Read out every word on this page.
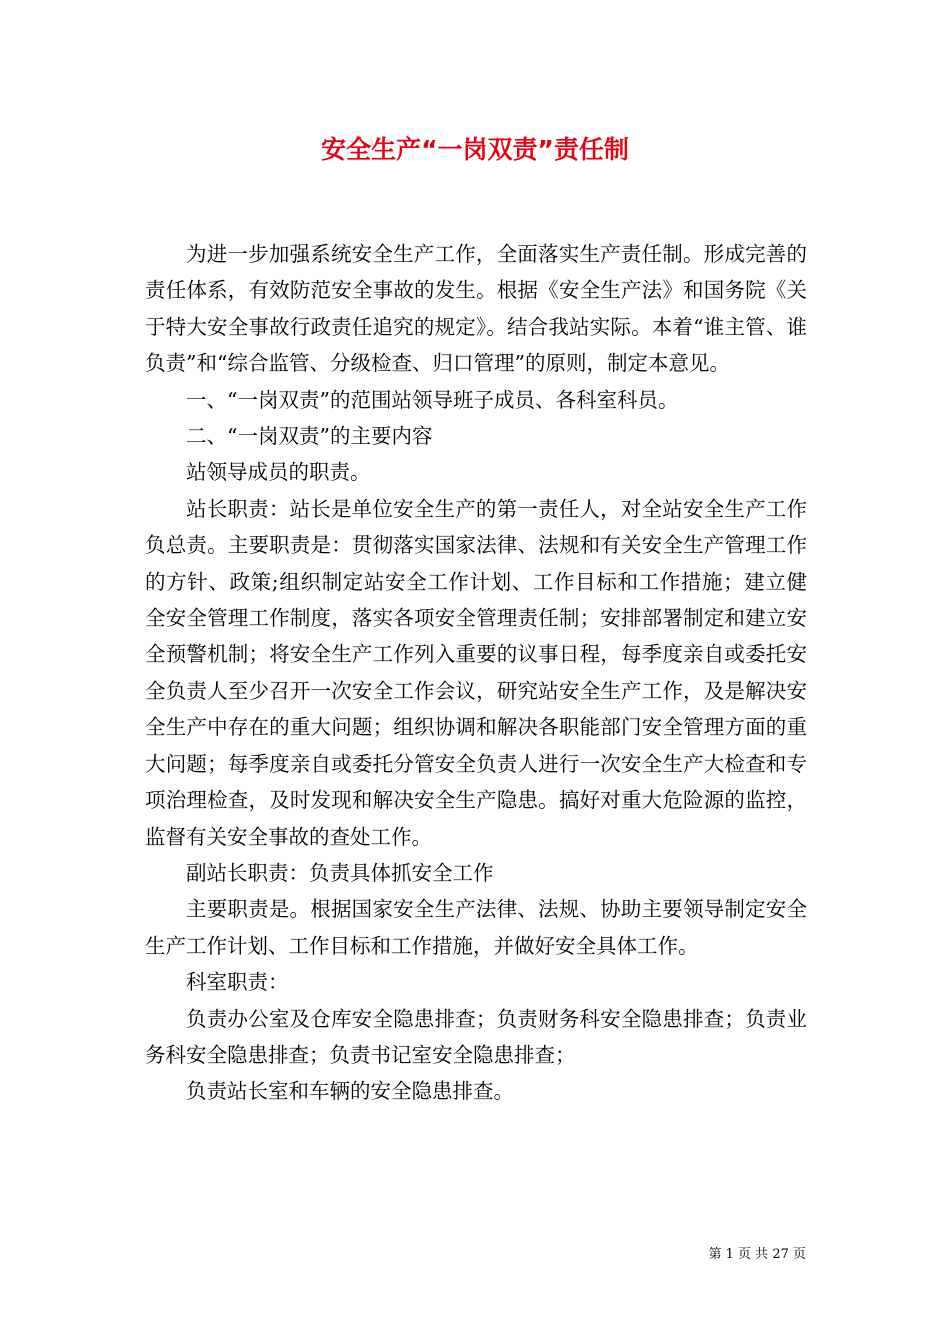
安全生产“一岗双责”责任制

为进一步加强系统安全生产工作，全面落实生产责任制。形成完善的责任体系，有效防范安全事故的发生。根据《安全生产法》和国务院《关于特大安全事故行政责任追究的规定》。结合我站实际。本着“谁主管、谁负责”和“综合监管、分级检查、归口管理”的原则，制定本意见。

一、“一岗双责”的范围站领导班子成员、各科室科员。

二、“一岗双责”的主要内容

站领导成员的职责。

站长职责：站长是单位安全生产的第一责任人，对全站安全生产工作负总责。主要职责是：贯彻落实国家法律、法规和有关安全生产管理工作的方针、政策;组织制定站安全工作计划、工作目标和工作措施；建立健全安全管理工作制度，落实各项安全管理责任制；安排部署制定和建立安全预警机制；将安全生产工作列入重要的议事日程，每季度亲自或委托安全负责人至少召开一次安全工作会议，研究站安全生产工作，及是解决安全生产中存在的重大问题；组织协调和解决各职能部门安全管理方面的重大问题；每季度亲自或委托分管安全负责人进行一次安全生产大检查和专项治理检查，及时发现和解决安全生产隐患。搞好对重大危险源的监控，监督有关安全事故的查处工作。

副站长职责：负责具体抓安全工作

主要职责是。根据国家安全生产法律、法规、协助主要领导制定安全生产工作计划、工作目标和工作措施，并做好安全具体工作。

科室职责：

负责办公室及仓库安全隐患排查；负责财务科安全隐患排查；负责业务科安全隐患排查；负责书记室安全隐患排查；

负责站长室和车辆的安全隐患排查。

第 1 页 共 27 页
